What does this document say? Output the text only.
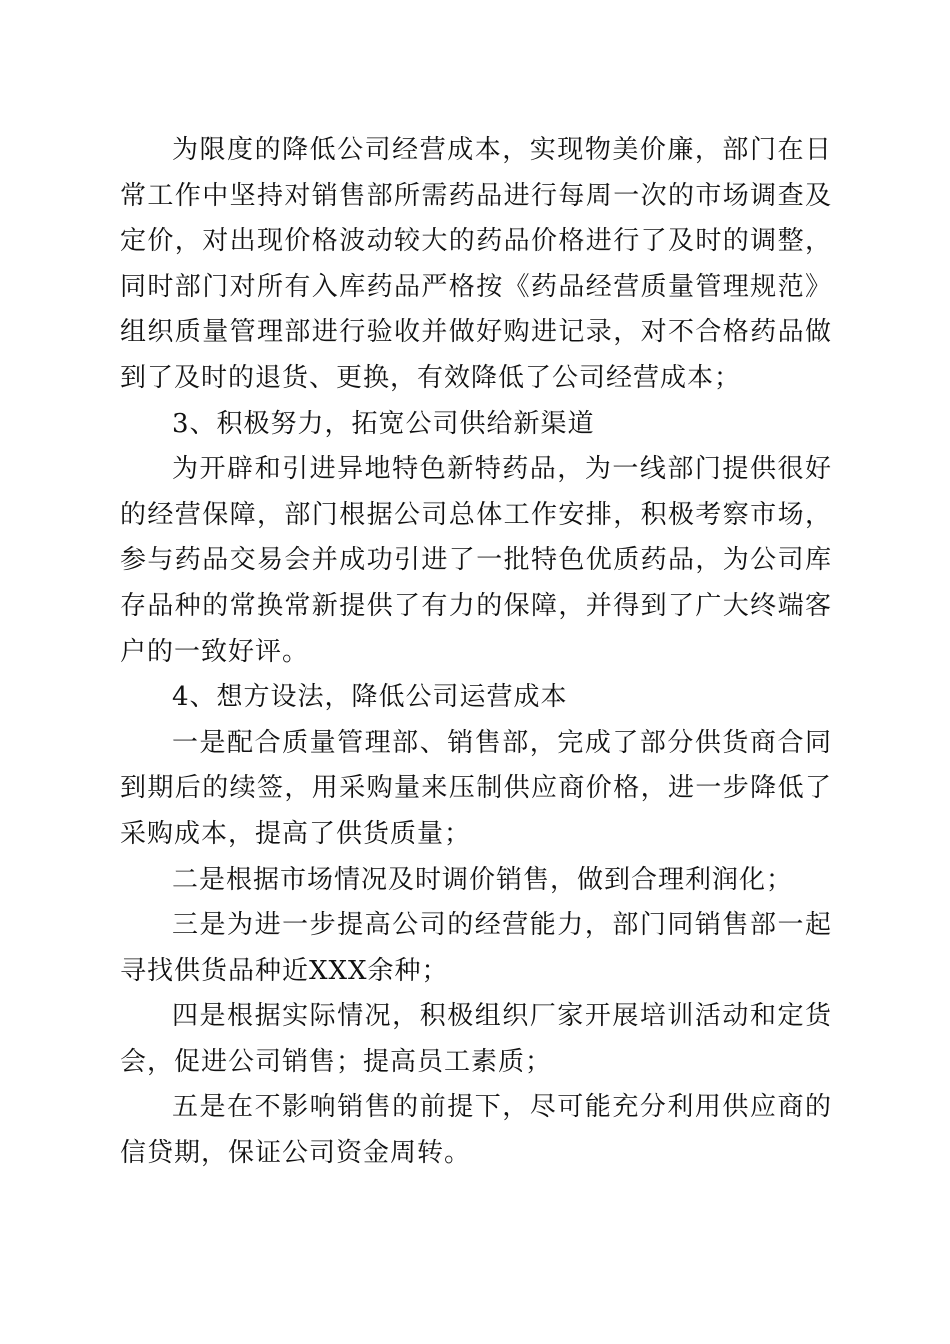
为限度的降低公司经营成本，实现物美价廉，部门在日常工作中坚持对销售部所需药品进行每周一次的市场调查及定价，对出现价格波动较大的药品价格进行了及时的调整，同时部门对所有入库药品严格按《药品经营质量管理规范》组织质量管理部进行验收并做好购进记录，对不合格药品做到了及时的退货、更换，有效降低了公司经营成本；

3、积极努力，拓宽公司供给新渠道

为开辟和引进异地特色新特药品，为一线部门提供很好的经营保障，部门根据公司总体工作安排，积极考察市场，参与药品交易会并成功引进了一批特色优质药品，为公司库存品种的常换常新提供了有力的保障，并得到了广大终端客户的一致好评。

4、想方设法，降低公司运营成本

一是配合质量管理部、销售部，完成了部分供货商合同到期后的续签，用采购量来压制供应商价格，进一步降低了采购成本，提高了供货质量；

二是根据市场情况及时调价销售，做到合理利润化；

三是为进一步提高公司的经营能力，部门同销售部一起寻找供货品种近XXX余种；

四是根据实际情况，积极组织厂家开展培训活动和定货会，促进公司销售；提高员工素质；

五是在不影响销售的前提下，尽可能充分利用供应商的信贷期，保证公司资金周转。
